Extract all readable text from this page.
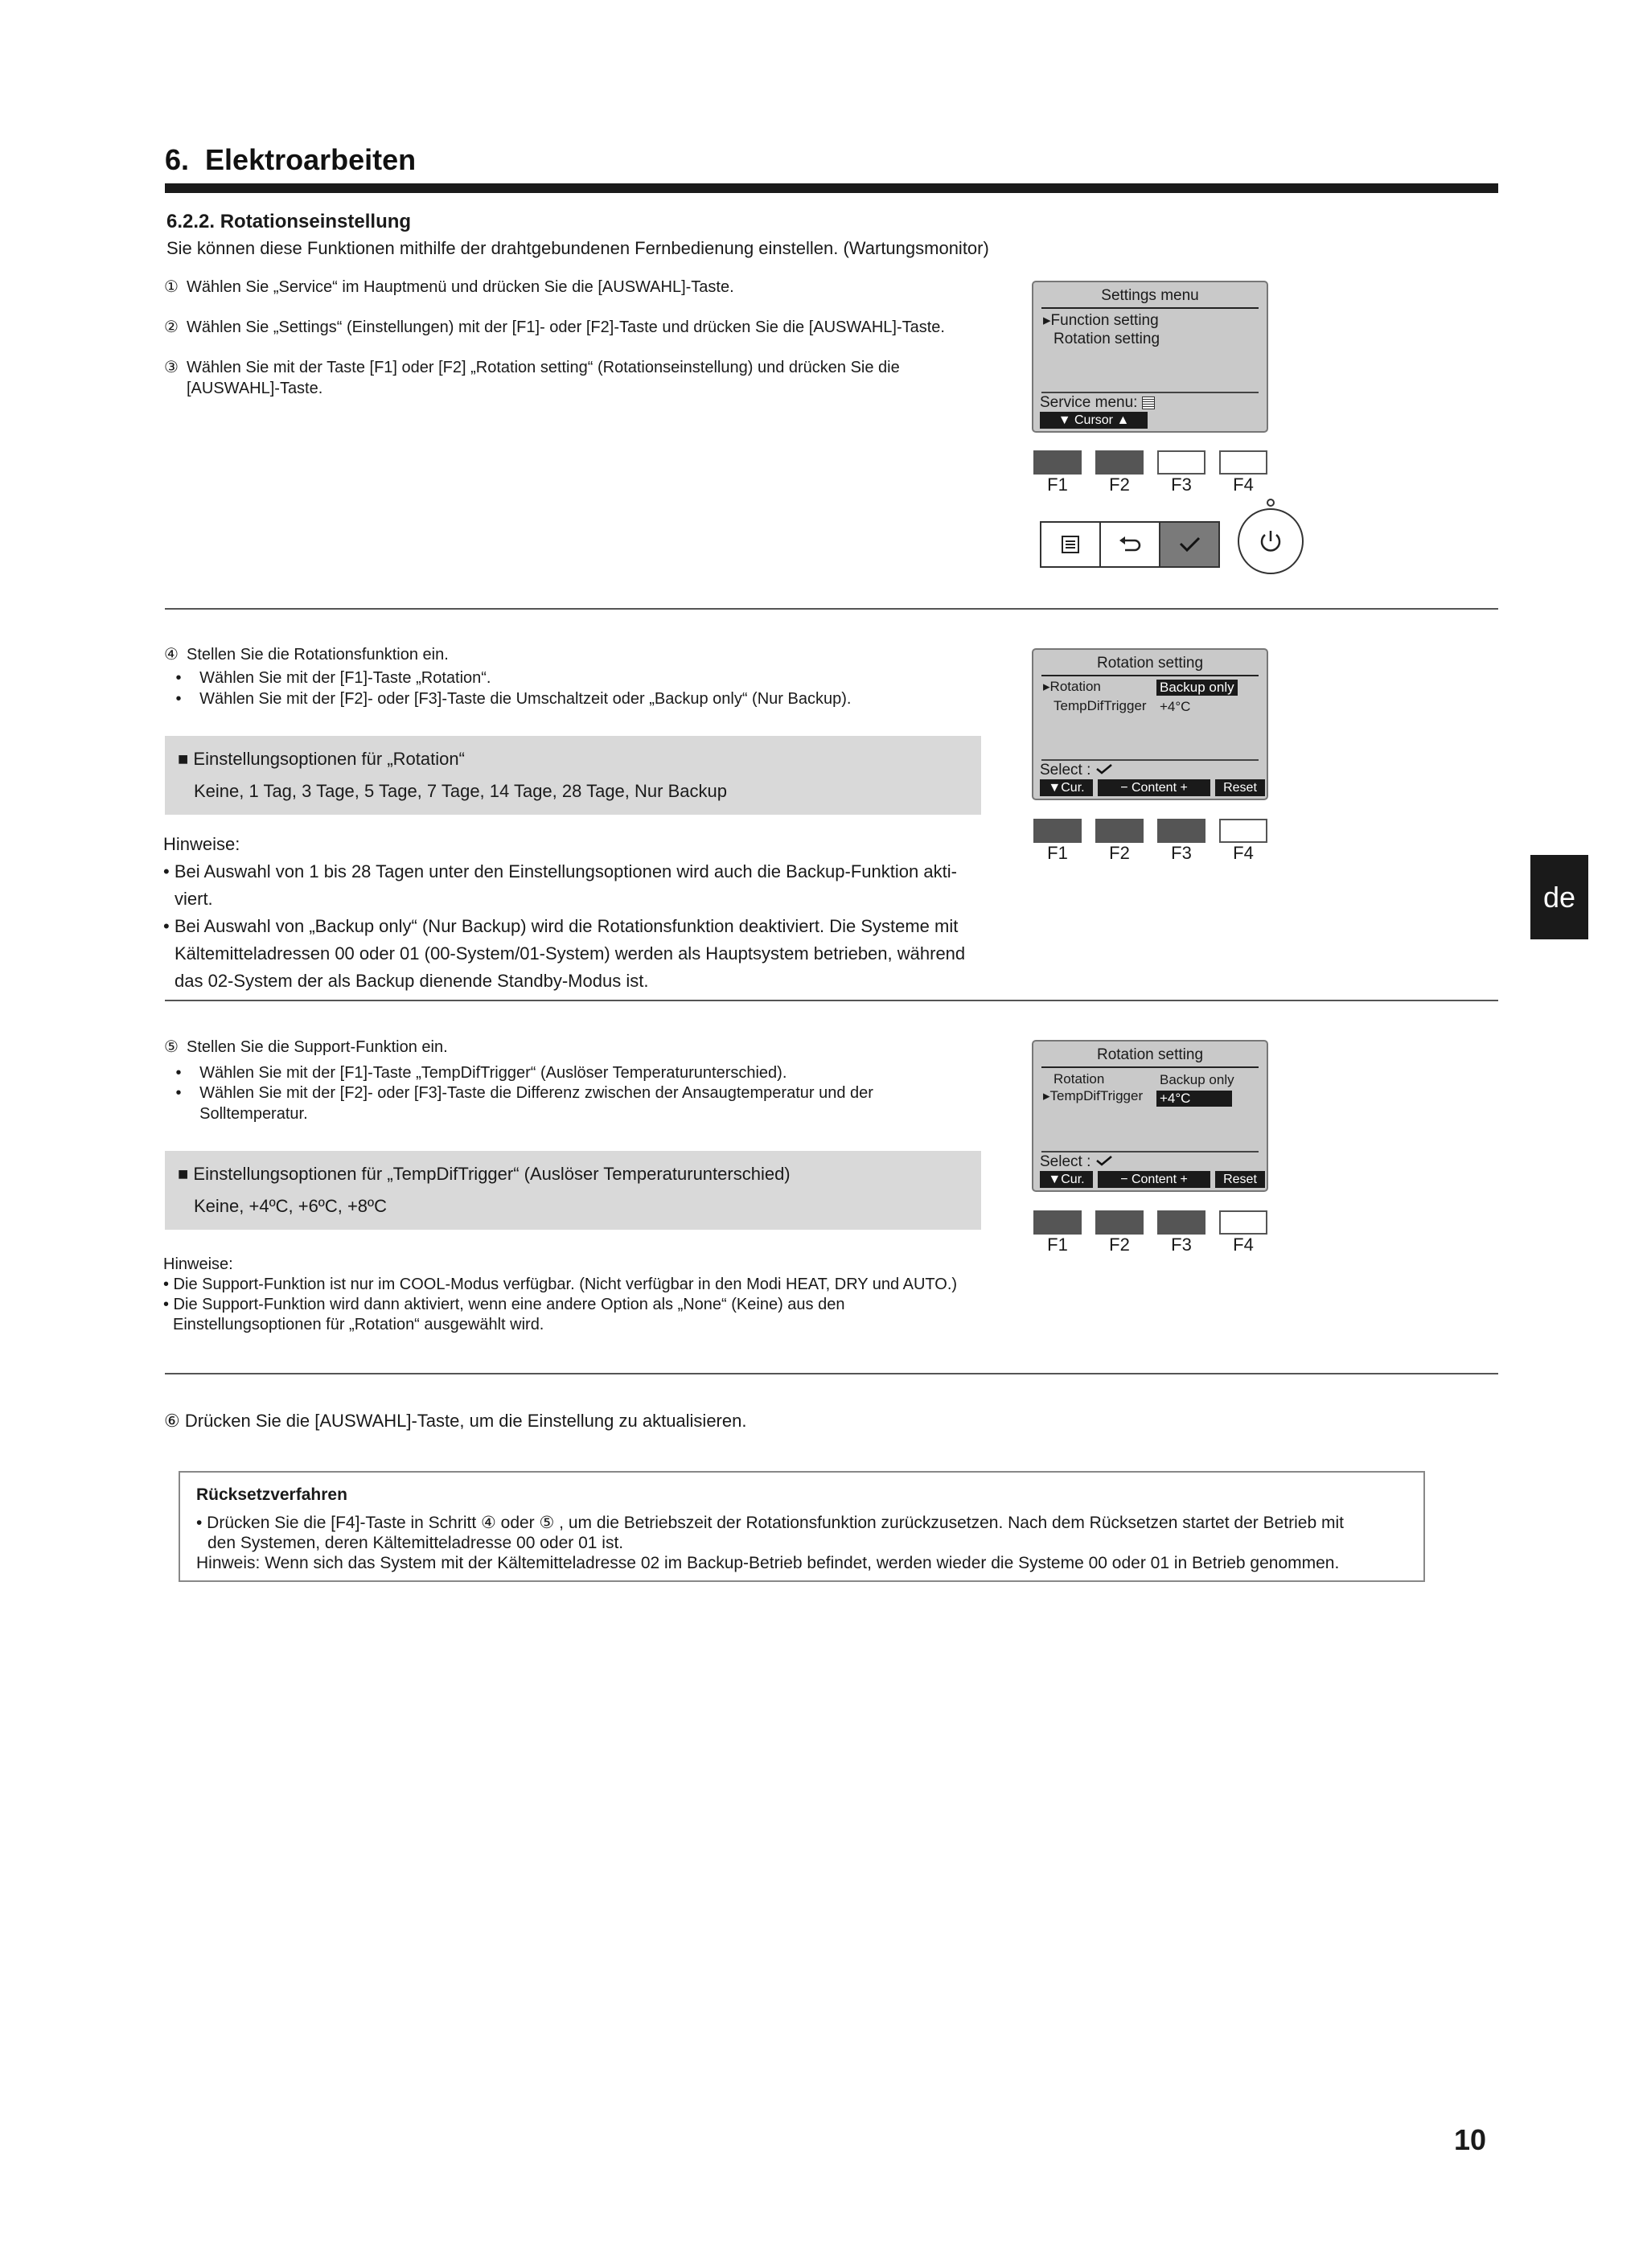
6. Elektroarbeiten
6.2.2. Rotationseinstellung
Sie können diese Funktionen mithilfe der drahtgebundenen Fernbedienung einstellen. (Wartungsmonitor)
① Wählen Sie „Service“ im Hauptmenü und drücken Sie die [AUSWAHL]-Taste.
② Wählen Sie „Settings“ (Einstellungen) mit der [F1]- oder [F2]-Taste und drücken Sie die [AUSWAHL]-Taste.
③ Wählen Sie mit der Taste [F1] oder [F2] „Rotation setting“ (Rotationseinstellung) und drücken Sie die
[AUSWAHL]-Taste.
Settings menu
▸Function setting
Rotation setting
Service menu:
▼ Cursor ▲
F1	F2	F3	F4
④ Stellen Sie die Rotationsfunktion ein.
• Wählen Sie mit der [F1]-Taste „Rotation“.
• Wählen Sie mit der [F2]- oder [F3]-Taste die Umschaltzeit oder „Backup only“ (Nur Backup).
■ Einstellungsoptionen für „Rotation“
Keine, 1 Tag, 3 Tage, 5 Tage, 7 Tage, 14 Tage, 28 Tage, Nur Backup
Hinweise:
• Bei Auswahl von 1 bis 28 Tagen unter den Einstellungsoptionen wird auch die Backup-Funktion akti-
viert.
• Bei Auswahl von „Backup only“ (Nur Backup) wird die Rotationsfunktion deaktiviert. Die Systeme mit
Kältemitteladressen 00 oder 01 (00-System/01-System) werden als Hauptsystem betrieben, während
das 02-System der als Backup dienende Standby-Modus ist.
Rotation setting
▸Rotation	Backup only
TempDifTrigger +4°C
Select :
▼Cur.	− Content +	Reset
F1	F2	F3	F4
de
⑤ Stellen Sie die Support-Funktion ein.
• Wählen Sie mit der [F1]-Taste „TempDifTrigger“ (Auslöser Temperaturunterschied).
• Wählen Sie mit der [F2]- oder [F3]-Taste die Differenz zwischen der Ansaugtemperatur und der
Solltemperatur.
■ Einstellungsoptionen für „TempDifTrigger“ (Auslöser Temperaturunterschied)
Keine, +4ºC, +6ºC, +8ºC
Hinweise:
• Die Support-Funktion ist nur im COOL-Modus verfügbar. (Nicht verfügbar in den Modi HEAT, DRY und AUTO.)
• Die Support-Funktion wird dann aktiviert, wenn eine andere Option als „None“ (Keine) aus den
Einstellungsoptionen für „Rotation“ ausgewählt wird.
Rotation setting
Rotation	Backup only
▸TempDifTrigger +4°C
Select :
▼Cur.	− Content +	Reset
F1	F2	F3	F4
⑥ Drücken Sie die [AUSWAHL]-Taste, um die Einstellung zu aktualisieren.
Rücksetzverfahren
• Drücken Sie die [F4]-Taste in Schritt ④ oder ⑤ , um die Betriebszeit der Rotationsfunktion zurückzusetzen. Nach dem Rücksetzen startet der Betrieb mit
den Systemen, deren Kältemitteladresse 00 oder 01 ist.
Hinweis: Wenn sich das System mit der Kältemitteladresse 02 im Backup-Betrieb befindet, werden wieder die Systeme 00 oder 01 in Betrieb genommen.
10
